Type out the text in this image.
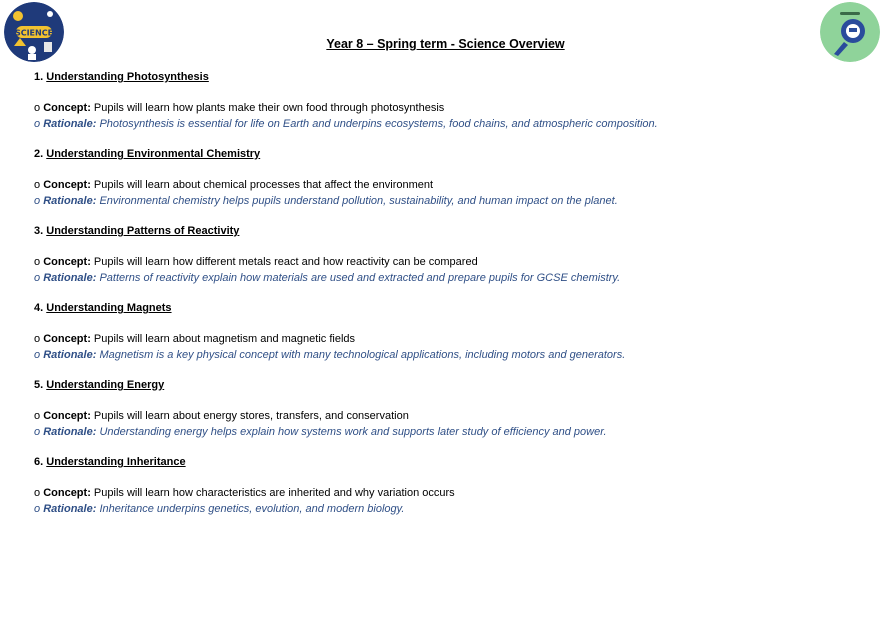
SCIENCE
Year 8 – Spring term - Science Overview
1. Understanding Photosynthesis
o Concept: Pupils will learn how plants make their own food through photosynthesis
o Rationale: Photosynthesis is essential for life on Earth and underpins ecosystems, food chains, and atmospheric composition.
2. Understanding Environmental Chemistry
o Concept: Pupils will learn about chemical processes that affect the environment
o Rationale: Environmental chemistry helps pupils understand pollution, sustainability, and human impact on the planet.
3. Understanding Patterns of Reactivity
o Concept: Pupils will learn how different metals react and how reactivity can be compared
o Rationale: Patterns of reactivity explain how materials are used and extracted and prepare pupils for GCSE chemistry.
4. Understanding Magnets
o Concept: Pupils will learn about magnetism and magnetic fields
o Rationale: Magnetism is a key physical concept with many technological applications, including motors and generators.
5. Understanding Energy
o Concept: Pupils will learn about energy stores, transfers, and conservation
o Rationale: Understanding energy helps explain how systems work and supports later study of efficiency and power.
6. Understanding Inheritance
o Concept: Pupils will learn how characteristics are inherited and why variation occurs
o Rationale: Inheritance underpins genetics, evolution, and modern biology.
